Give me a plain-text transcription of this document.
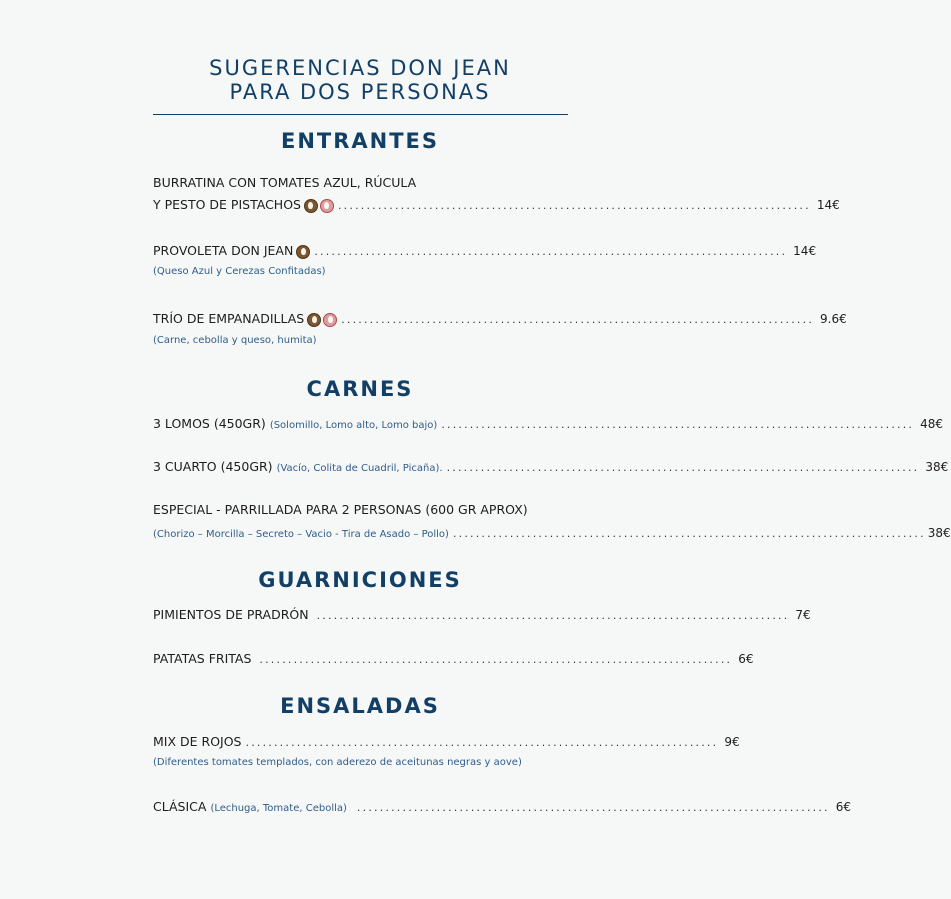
SUGERENCIAS DON JEAN
PARA DOS PERSONAS
ENTRANTES
BURRATINA CON TOMATES AZUL, RÚCULA
Y PESTO DE PISTACHOS	................................................................................... 14€
PROVOLETA DON JEAN ................................................................................... 14€
(Queso Azul y Cerezas Confitadas)
TRÍO DE EMPANADILLAS	................................................................................... 9.6€
(Carne, cebolla y queso, humita)
CARNES
3 LOMOS (450GR) (Solomillo, Lomo alto, Lomo bajo) ................................................................................... 48€
3 CUARTO (450GR) (Vacío, Colita de Cuadril, Picaña). ................................................................................... 38€
ESPECIAL - PARRILLADA PARA 2 PERSONAS (600 GR APROX)
(Chorizo – Morcilla – Secreto – Vacio - Tira de Asado – Pollo) ................................................................................... 38€
GUARNICIONES
PIMIENTOS DE PRADRÓN ................................................................................... 7€
PATATAS FRITAS ................................................................................... 6€
ENSALADAS
MIX DE ROJOS ................................................................................... 9€
(Diferentes tomates templados, con aderezo de aceitunas negras y aove)
CLÁSICA (Lechuga, Tomate, Cebolla) ................................................................................... 6€
